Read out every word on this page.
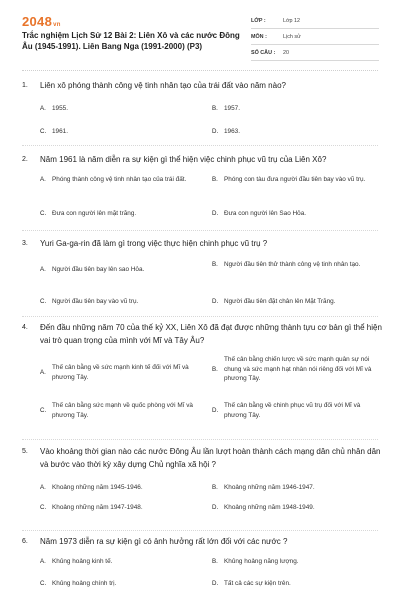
2048vn
Trắc nghiệm Lịch Sử 12 Bài 2: Liên Xô và các nước Đông Âu (1945-1991). Liên Bang Nga (1991-2000) (P3)
LỚP :	Lớp 12
MÔN :	Lịch sử
SỐ CÂU :	20
1. Liên xô phóng thành công vệ tinh nhân tạo của trái đất vào năm nào?
A. 1955.	B. 1957.
C. 1961.	D. 1963.
2. Năm 1961 là năm diễn ra sự kiện gì thể hiện việc chinh phục vũ trụ của Liên Xô?
A. Phóng thành công vệ tinh nhân tạo của trái đất.	B. Phóng con tàu đưa người đầu tiên bay vào vũ trụ.
C. Đưa con người lên mặt trăng.	D. Đưa con người lên Sao Hỏa.
3. Yuri Ga-ga-rin đã làm gì trong việc thực hiện chinh phục vũ trụ ?
A. Người đầu tiên bay lên sao Hỏa.
B. Người đầu tiên thử thành công vệ tinh nhân tạo.
C. Người đầu tiên bay vào vũ trụ.	D. Người đầu tiên đặt chân lên Mặt Trăng.
4. Đến đầu những năm 70 của thế kỷ XX, Liên Xô đã đạt được những thành tựu cơ bản gì thể hiện vai trò quan trọng của mình với Mĩ và Tây Âu?
A.
Thế cân bằng về sức mạnh kinh tế đối với Mĩ và phương Tây.
B.
Thế cân bằng chiến lược về sức mạnh quân sự nói chung và sức mạnh hạt nhân nói riêng đối với Mĩ và phương Tây.
C.
Thế cân bằng sức mạnh về quốc phòng với Mĩ và phương Tây.
D.
Thế cân bằng về chinh phục vũ trụ đối với Mĩ và phương Tây.
5. Vào khoảng thời gian nào các nước Đông Âu lần lượt hoàn thành cách mạng dân chủ nhân dân và bước vào thời kỳ xây dựng Chủ nghĩa xã hội ?
A. Khoảng những năm 1945-1946.	B. Khoảng những năm 1946-1947.
C. Khoảng những năm 1947-1948.	D. Khoảng những năm 1948-1949.
6. Năm 1973 diễn ra sự kiện gì có ảnh hưởng rất lớn đối với các nước ?
A. Khủng hoảng kinh tế.	B. Khủng hoảng năng lượng.
C. Khủng hoảng chính trị.	D. Tất cả các sự kiện trên.
